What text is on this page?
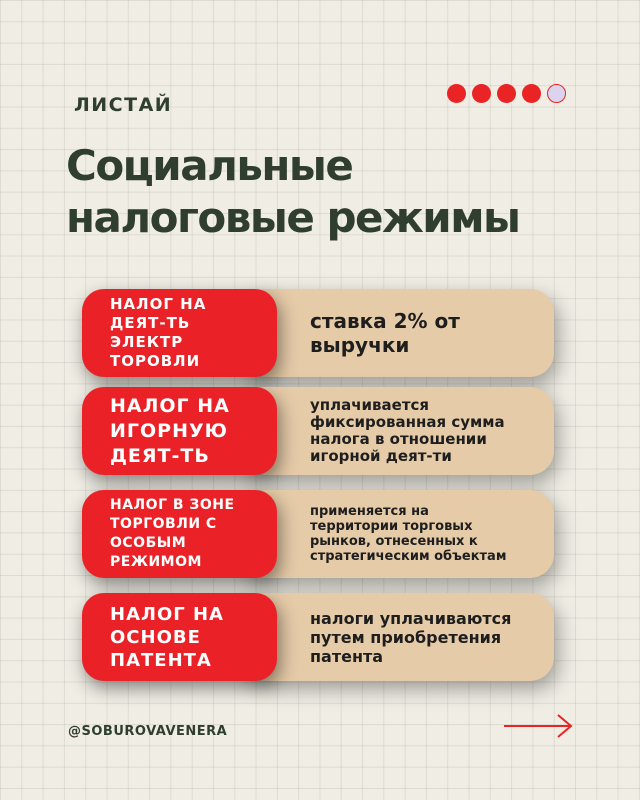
ЛИСТАЙ
Социальные
налоговые режимы
НАЛОГ НА
ДЕЯТ-ТЬ ЭЛЕКТР
ТОРОВЛИ
ставка 2% от
выручки
НАЛОГ НА
ИГОРНУЮ
ДЕЯТ-ТЬ
уплачивается
фиксированная сумма
налога в отношении
игорной деят-ти
НАЛОГ В ЗОНЕ
ТОРГОВЛИ С
ОСОБЫМ
РЕЖИМОМ
применяется на
территории торговых
рынков, отнесенных к
стратегическим объектам
НАЛОГ НА
ОСНОВЕ
ПАТЕНТА
налоги уплачиваются
путем приобретения
патента
@SOBUROVAVENERA
